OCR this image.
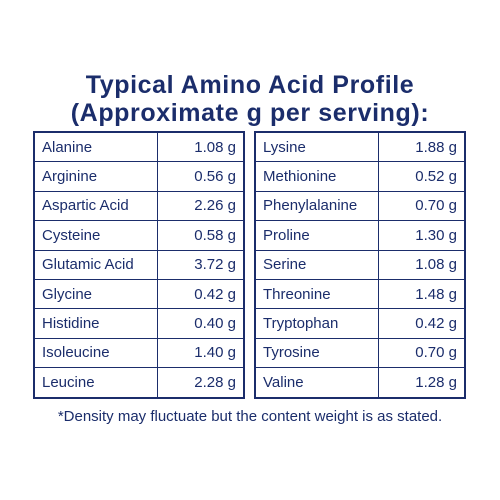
Typical Amino Acid Profile
(Approximate g per serving):
Alanine	1.08 g
Arginine	0.56 g
Aspartic Acid	2.26 g
Cysteine	0.58 g
Glutamic Acid	3.72 g
Glycine	0.42 g
Histidine	0.40 g
Isoleucine	1.40 g
Leucine	2.28 g
Lysine	1.88 g
Methionine	0.52 g
Phenylalanine	0.70 g
Proline	1.30 g
Serine	1.08 g
Threonine	1.48 g
Tryptophan	0.42 g
Tyrosine	0.70 g
Valine	1.28 g
*Density may fluctuate but the content weight is as stated.
